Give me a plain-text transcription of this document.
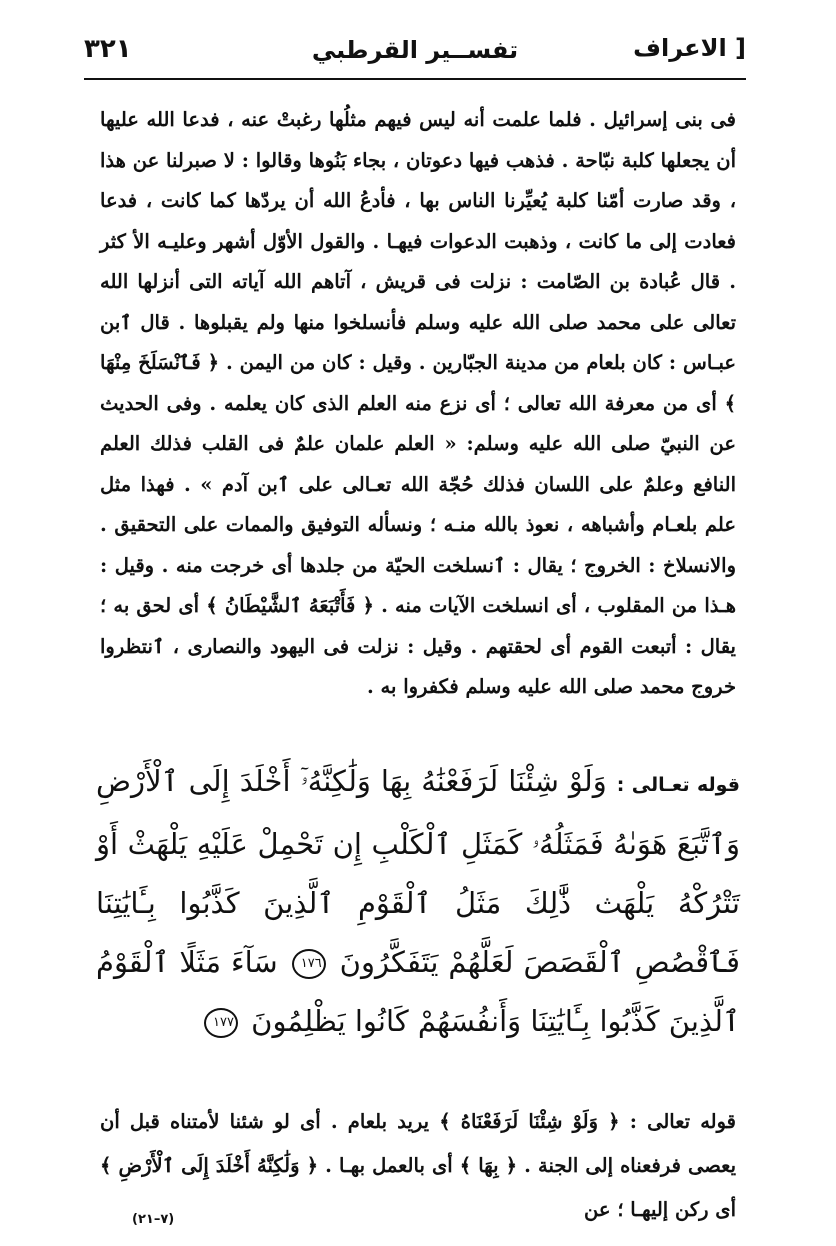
[ الاعراف
تفســير القرطبي
٣٢١

فى بنى إسرائيل . فلما علمت أنه ليس فيهم مثلُها رغبتْ عنه ، فدعا الله عليها أن يجعلها كلبة نبّاحة . فذهب فيها دعوتان ، بجاء بَنُوها وقالوا : لا صبرلنا عن هذا ، وقد صارت أمّنا كلبة يُعيِّرنا الناس بها ، فأدعُ الله أن يردّها كما كانت ، فدعا فعادت إلى ما كانت ، وذهبت الدعوات فيهـا . والقول الأوّل أشهر وعليـه الأ كثر . قال عُبادة بن الصّامت : نزلت فى قريش ، آتاهم الله آياته التى أنزلها الله تعالى على محمد صلى الله عليه وسلم فأنسلخوا منها ولم يقبلوها . قال ٱبن عبـاس : كان بلعام من مدينة الجبّارين . وقيل : كان من اليمن . ﴿ فَٱنْسَلَخَ مِنْهَا ﴾ أى من معرفة الله تعالى ؛ أى نزع منه العلم الذى كان يعلمه . وفى الحديث عن النبيّ صلى الله عليه وسلم: « العلم علمان علمٌ فى القلب فذلك العلم النافع وعلمٌ على اللسان فذلك حُجّة الله تعـالى على ٱبن آدم » . فهذا مثل علم بلعـام وأشباهه ، نعوذ بالله منـه ؛ ونسأله التوفيق والممات على التحقيق . والانسلاخ : الخروج ؛ يقال : ٱنسلخت الحيّة من جلدها أى خرجت منه . وقيل : هـذا من المقلوب ، أى انسلخت الآيات منه . ﴿ فَأَتْبَعَهُ ٱلشَّيْطَانُ ﴾ أى لحق به ؛ يقال : أتبعت القوم أى لحقتهم . وقيل : نزلت فى اليهود والنصارى ، ٱنتظروا خروج محمد صلى الله عليه وسلم فكفروا به .

قوله تعـالى : وَلَوْ شِئْنَا لَرَفَعْنَٰهُ بِهَا وَلَٰكِنَّهُۥٓ أَخْلَدَ إِلَى ٱلْأَرْضِ وَٱتَّبَعَ هَوَىٰهُ فَمَثَلُهُۥ كَمَثَلِ ٱلْكَلْبِ إِن تَحْمِلْ عَلَيْهِ يَلْهَثْ أَوْ تَتْرُكْهُ يَلْهَث ذَّٰلِكَ مَثَلُ ٱلْقَوْمِ ٱلَّذِينَ كَذَّبُوا بِـَٔايَٰتِنَا فَٱقْصُصِ ٱلْقَصَصَ لَعَلَّهُمْ يَتَفَكَّرُونَ ١٧٦ سَآءَ مَثَلًا ٱلْقَوْمُ ٱلَّذِينَ كَذَّبُوا بِـَٔايَٰتِنَا وَأَنفُسَهُمْ كَانُوا يَظْلِمُونَ ١٧٧

قوله تعالى : ﴿ وَلَوْ شِئْنَا لَرَفَعْنَاهُ ﴾ يريد بلعام . أى لو شئنا لأمتناه قبل أن يعصى فرفعناه إلى الجنة . ﴿ بِهَا ﴾ أى بالعمل بهـا . ﴿ وَلَٰكِنَّهُ أَخْلَدَ إِلَى ٱلْأَرْضِ ﴾ أى ركن إليهـا ؛ عن

(٧–٢١)
